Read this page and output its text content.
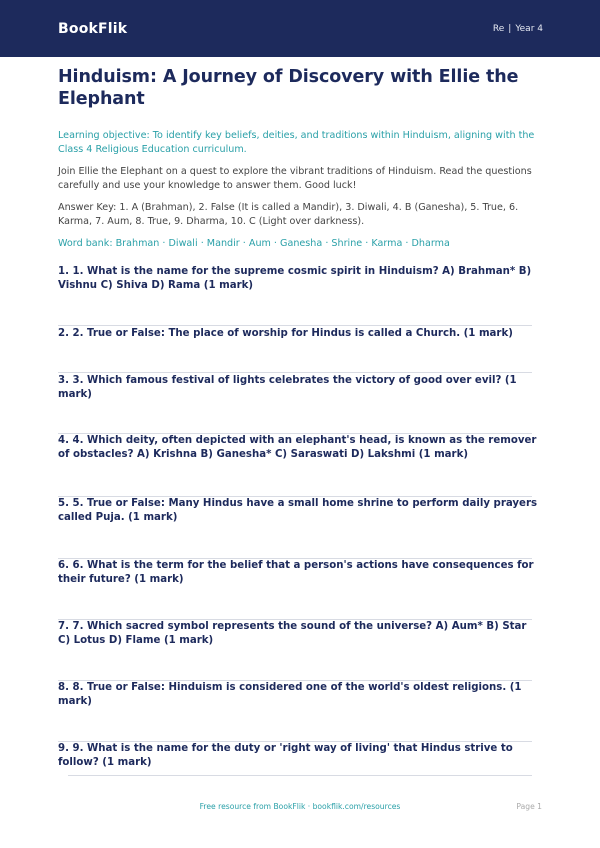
BookFlik	Re | Year 4
Hinduism: A Journey of Discovery with Ellie the Elephant

Learning objective: To identify key beliefs, deities, and traditions within Hinduism, aligning with the Class 4 Religious Education curriculum.

Join Ellie the Elephant on a quest to explore the vibrant traditions of Hinduism. Read the questions carefully and use your knowledge to answer them. Good luck!

Answer Key: 1. A (Brahman), 2. False (It is called a Mandir), 3. Diwali, 4. B (Ganesha), 5. True, 6. Karma, 7. Aum, 8. True, 9. Dharma, 10. C (Light over darkness).

Word bank: Brahman · Diwali · Mandir · Aum · Ganesha · Shrine · Karma · Dharma

1. 1. What is the name for the supreme cosmic spirit in Hinduism? A) Brahman* B) Vishnu C) Shiva D) Rama (1 mark)

2. 2. True or False: The place of worship for Hindus is called a Church. (1 mark)

3. 3. Which famous festival of lights celebrates the victory of good over evil? (1 mark)

4. 4. Which deity, often depicted with an elephant's head, is known as the remover of obstacles? A) Krishna B) Ganesha* C) Saraswati D) Lakshmi (1 mark)

5. 5. True or False: Many Hindus have a small home shrine to perform daily prayers called Puja. (1 mark)

6. 6. What is the term for the belief that a person's actions have consequences for their future? (1 mark)

7. 7. Which sacred symbol represents the sound of the universe? A) Aum* B) Star C) Lotus D) Flame (1 mark)

8. 8. True or False: Hinduism is considered one of the world's oldest religions. (1 mark)

9. 9. What is the name for the duty or 'right way of living' that Hindus strive to follow? (1 mark)

Free resource from BookFlik · bookflik.com/resources	Page 1
